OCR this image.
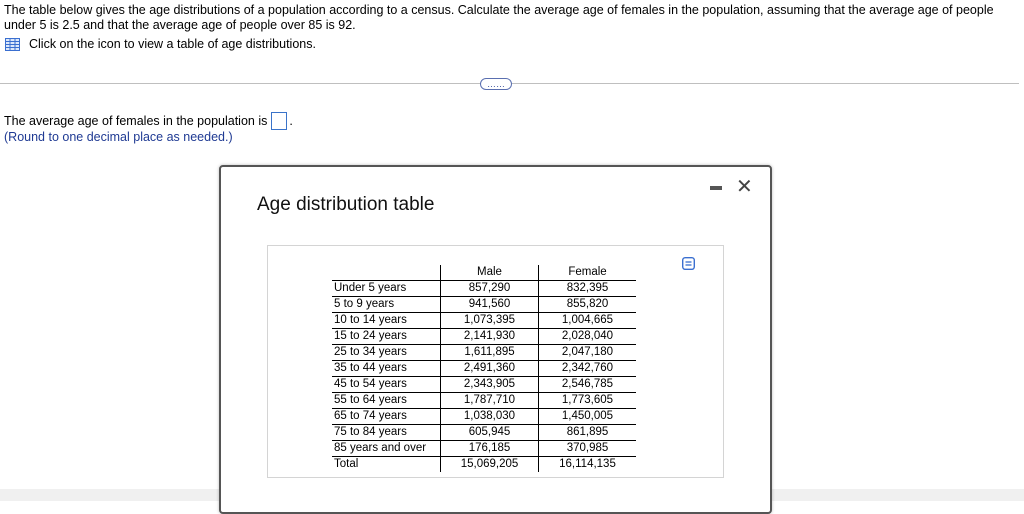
The table below gives the age distributions of a population according to a census. Calculate the average age of females in the population, assuming that the average age of people under 5 is 2.5 and that the average age of people over 85 is 92.
Click on the icon to view a table of age distributions.
……
The average age of females in the population is .
(Round to one decimal place as needed.)
Age distribution table
✕
	Male	Female
Under 5 years	857,290	832,395
5 to 9 years	941,560	855,820
10 to 14 years	1,073,395	1,004,665
15 to 24 years	2,141,930	2,028,040
25 to 34 years	1,611,895	2,047,180
35 to 44 years	2,491,360	2,342,760
45 to 54 years	2,343,905	2,546,785
55 to 64 years	1,787,710	1,773,605
65 to 74 years	1,038,030	1,450,005
75 to 84 years	605,945	861,895
85 years and over	176,185	370,985
Total	15,069,205	16,114,135
